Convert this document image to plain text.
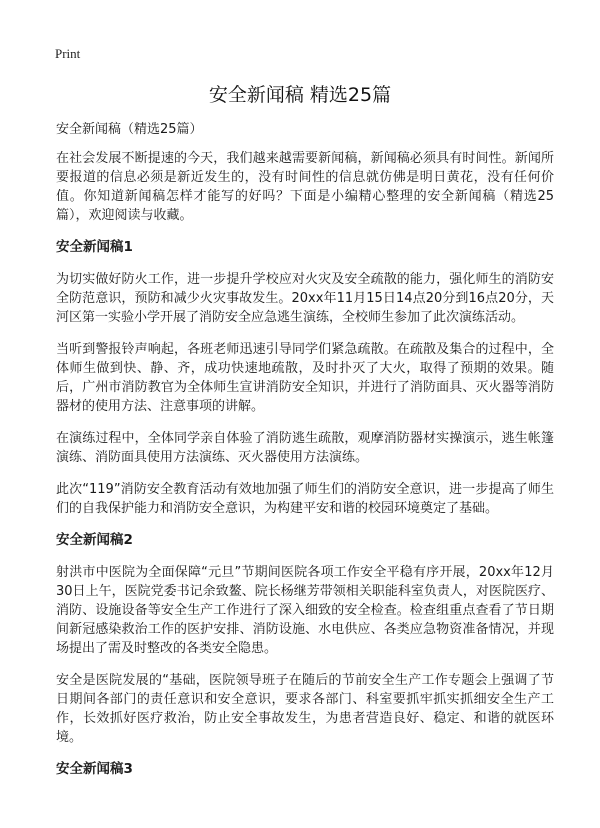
Print
安全新闻稿 精选25篇
安全新闻稿（精选25篇）

在社会发展不断提速的今天，我们越来越需要新闻稿，新闻稿必须具有时间性。新闻所要报道的信息必须是新近发生的，没有时间性的信息就仿佛是明日黄花，没有任何价值。你知道新闻稿怎样才能写的好吗？下面是小编精心整理的安全新闻稿（精选25篇），欢迎阅读与收藏。

安全新闻稿1

为切实做好防火工作，进一步提升学校应对火灾及安全疏散的能力，强化师生的消防安全防范意识，预防和减少火灾事故发生。20xx年11月15日14点20分到16点20分，天河区第一实验小学开展了消防安全应急逃生演练，全校师生参加了此次演练活动。

当听到警报铃声响起，各班老师迅速引导同学们紧急疏散。在疏散及集合的过程中，全体师生做到快、静、齐，成功快速地疏散，及时扑灭了大火，取得了预期的效果。随后，广州市消防教官为全体师生宣讲消防安全知识，并进行了消防面具、灭火器等消防器材的使用方法、注意事项的讲解。

在演练过程中，全体同学亲自体验了消防逃生疏散，观摩消防器材实操演示，逃生帐篷演练、消防面具使用方法演练、灭火器使用方法演练。

此次“119”消防安全教育活动有效地加强了师生们的消防安全意识，进一步提高了师生们的自我保护能力和消防安全意识，为构建平安和谐的校园环境奠定了基础。

安全新闻稿2

射洪市中医院为全面保障“元旦”节期间医院各项工作安全平稳有序开展，20xx年12月30日上午，医院党委书记余致鳌、院长杨继芳带领相关职能科室负责人，对医院医疗、消防、设施设备等安全生产工作进行了深入细致的安全检查。检查组重点查看了节日期间新冠感染救治工作的医护安排、消防设施、水电供应、各类应急物资准备情况，并现场提出了需及时整改的各类安全隐患。

安全是医院发展的“基础，医院领导班子在随后的节前安全生产工作专题会上强调了节日期间各部门的责任意识和安全意识，要求各部门、科室要抓牢抓实抓细安全生产工作，长效抓好医疗救治，防止安全事故发生，为患者营造良好、稳定、和谐的就医环境。

安全新闻稿3
